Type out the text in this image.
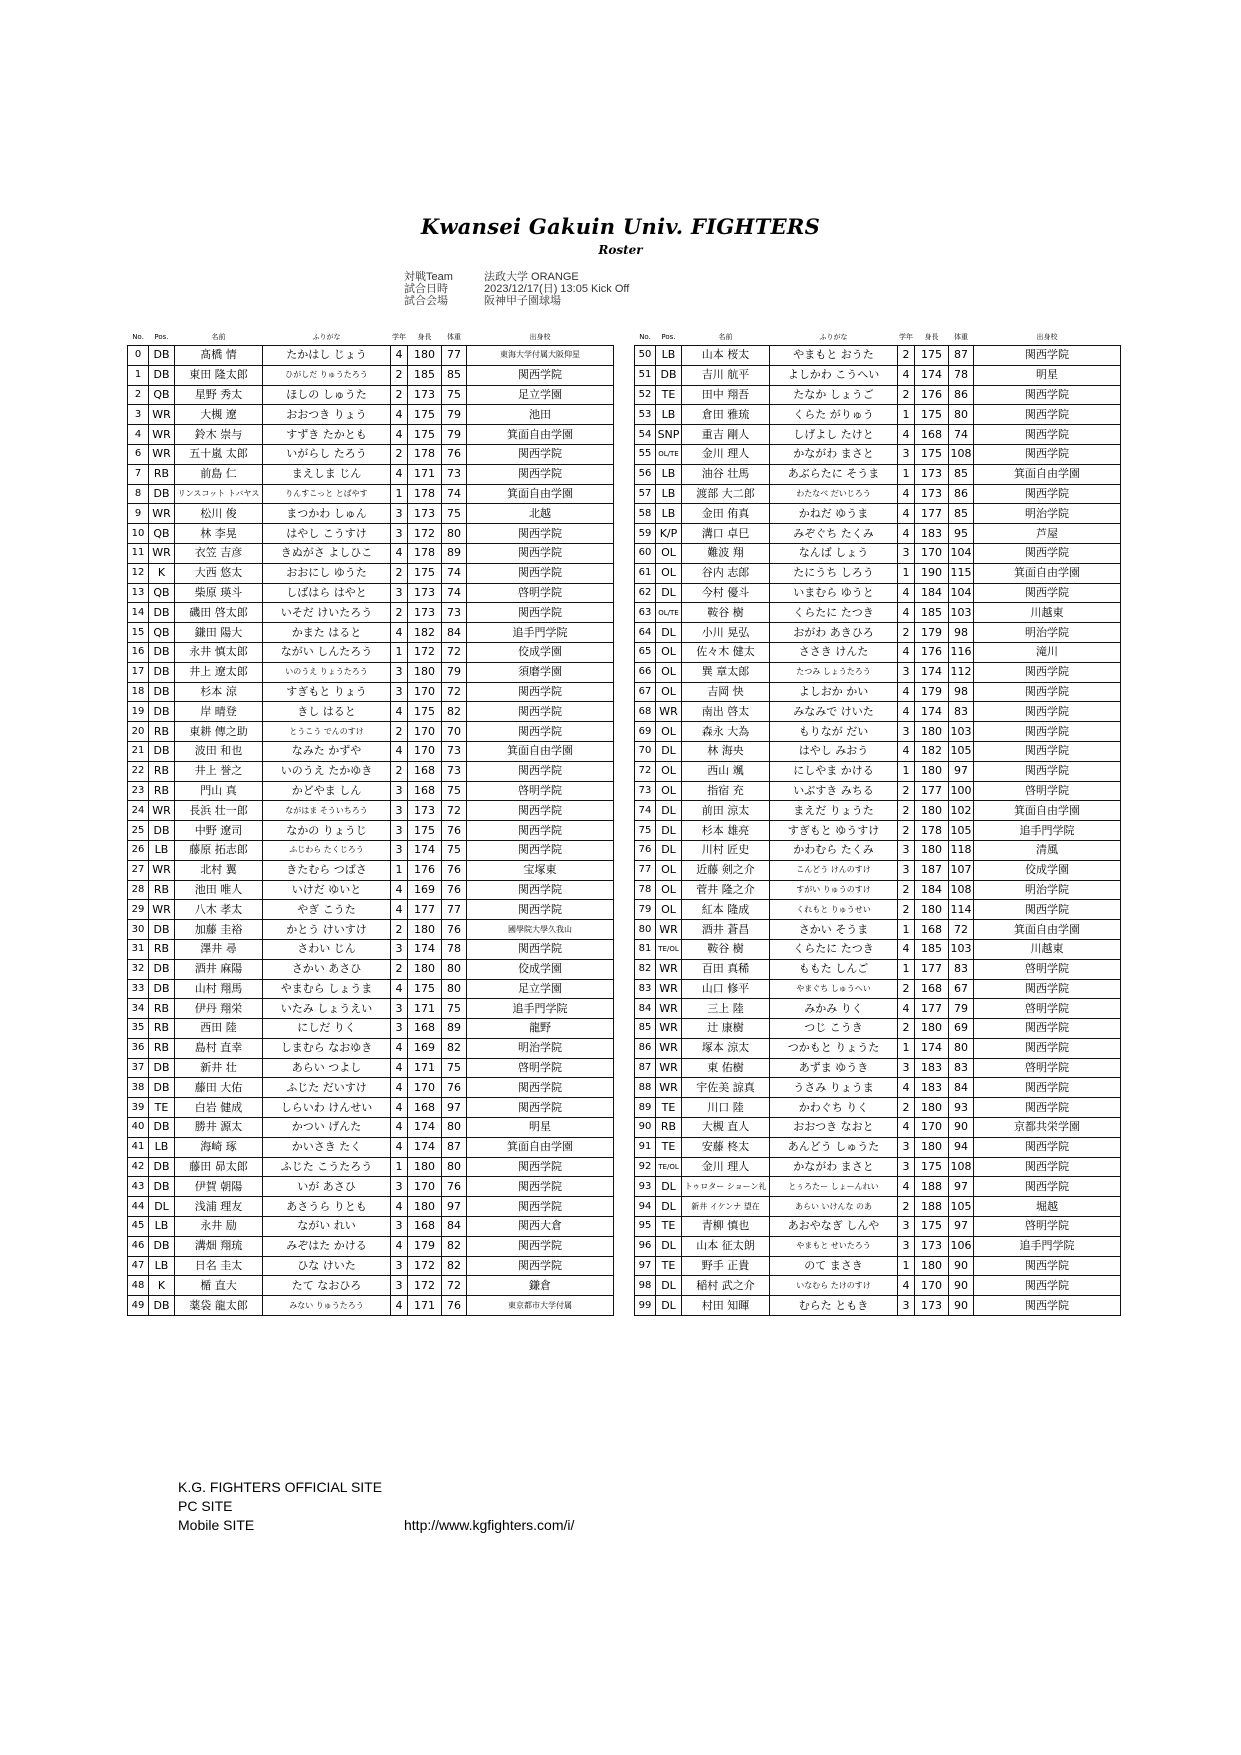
Kwansei Gakuin Univ. FIGHTERS
Roster
対戦Team	法政大学 ORANGE
試合日時	2023/12/17(日) 13:05 Kick Off
試合会場	阪神甲子園球場
No.	Pos.	名前	ふりがな	学年	身長	体重	出身校
0	DB	髙橋 情	たかはし じょう	4	180	77	東海大学付属大阪仰星
1	DB	東田 隆太郎	ひがしだ りゅうたろう	2	185	85	関西学院
2	QB	星野 秀太	ほしの しゅうた	2	173	75	足立学園
3	WR	大槻 遼	おおつき りょう	4	175	79	池田
4	WR	鈴木 崇与	すずき たかとも	4	175	79	箕面自由学園
6	WR	五十嵐 太郎	いがらし たろう	2	178	76	関西学院
7	RB	前島 仁	まえしま じん	4	171	73	関西学院
8	DB	リンスコット トバヤス	りんすこっと とばやす	1	178	74	箕面自由学園
9	WR	松川 俊	まつかわ しゅん	3	173	75	北越
10	QB	林 李晃	はやし こうすけ	3	172	80	関西学院
11	WR	衣笠 吉彦	きぬがさ よしひこ	4	178	89	関西学院
12	K	大西 悠太	おおにし ゆうた	2	175	74	関西学院
13	QB	柴原 瑛斗	しばはら はやと	3	173	74	啓明学院
14	DB	磯田 啓太郎	いそだ けいたろう	2	173	73	関西学院
15	QB	鎌田 陽大	かまた はると	4	182	84	追手門学院
16	DB	永井 慎太郎	ながい しんたろう	1	172	72	佼成学園
17	DB	井上 遼太郎	いのうえ りょうたろう	3	180	79	須磨学園
18	DB	杉本 涼	すぎもと りょう	3	170	72	関西学院
19	DB	岸 晴登	きし はると	4	175	82	関西学院
20	RB	東耕 傳之助	とうこう でんのすけ	2	170	70	関西学院
21	DB	波田 和也	なみた かずや	4	170	73	箕面自由学園
22	RB	井上 誉之	いのうえ たかゆき	2	168	73	関西学院
23	RB	門山 真	かどやま しん	3	168	75	啓明学院
24	WR	長浜 壮一郎	ながはま そういちろう	3	173	72	関西学院
25	DB	中野 遼司	なかの りょうじ	3	175	76	関西学院
26	LB	藤原 拓志郎	ふじわら たくじろう	3	174	75	関西学院
27	WR	北村 翼	きたむら つばさ	1	176	76	宝塚東
28	RB	池田 唯人	いけだ ゆいと	4	169	76	関西学院
29	WR	八木 孝太	やぎ こうた	4	177	77	関西学院
30	DB	加藤 圭裕	かとう けいすけ	2	180	76	國學院大學久我山
31	RB	澤井 尋	さわい じん	3	174	78	関西学院
32	DB	酒井 麻陽	さかい あさひ	2	180	80	佼成学園
33	DB	山村 翔馬	やまむら しょうま	4	175	80	足立学園
34	RB	伊丹 翔栄	いたみ しょうえい	3	171	75	追手門学院
35	RB	西田 陸	にしだ りく	3	168	89	龍野
36	RB	島村 直幸	しまむら なおゆき	4	169	82	明治学院
37	DB	新井 壮	あらい つよし	4	171	75	啓明学院
38	DB	藤田 大佑	ふじた だいすけ	4	170	76	関西学院
39	TE	白岩 健成	しらいわ けんせい	4	168	97	関西学院
40	DB	勝井 源太	かつい げんた	4	174	80	明星
41	LB	海崎 琢	かいさき たく	4	174	87	箕面自由学園
42	DB	藤田 昴太郎	ふじた こうたろう	1	180	80	関西学院
43	DB	伊賀 朝陽	いが あさひ	3	170	76	関西学院
44	DL	浅浦 理友	あさうら りとも	4	180	97	関西学院
45	LB	永井 励	ながい れい	3	168	84	関西大倉
46	DB	溝畑 翔琉	みぞはた かける	4	179	82	関西学院
47	LB	日名 圭太	ひな けいた	3	172	82	関西学院
48	K	楯 直大	たて なおひろ	3	172	72	鎌倉
49	DB	薬袋 龍太郎	みない りゅうたろう	4	171	76	東京都市大学付属
No.	Pos.	名前	ふりがな	学年	身長	体重	出身校
50	LB	山本 桜太	やまもと おうた	2	175	87	関西学院
51	DB	吉川 航平	よしかわ こうへい	4	174	78	明星
52	TE	田中 翔吾	たなか しょうご	2	176	86	関西学院
53	LB	倉田 雅琉	くらた がりゅう	1	175	80	関西学院
54	SNP	重吉 剛人	しげよし たけと	4	168	74	関西学院
55	OL/TE	金川 理人	かながわ まさと	3	175	108	関西学院
56	LB	油谷 壮馬	あぶらたに そうま	1	173	85	箕面自由学園
57	LB	渡部 大二郎	わたなべ だいじろう	4	173	86	関西学院
58	LB	金田 侑真	かねだ ゆうま	4	177	85	明治学院
59	K/P	溝口 卓巳	みぞぐち たくみ	4	183	95	芦屋
60	OL	難波 翔	なんば しょう	3	170	104	関西学院
61	OL	谷内 志郎	たにうち しろう	1	190	115	箕面自由学園
62	DL	今村 優斗	いまむら ゆうと	4	184	104	関西学院
63	OL/TE	鞍谷 樹	くらたに たつき	4	185	103	川越東
64	DL	小川 晃弘	おがわ あきひろ	2	179	98	明治学院
65	OL	佐々木 健太	ささき けんた	4	176	116	滝川
66	OL	巽 章太郎	たつみ しょうたろう	3	174	112	関西学院
67	OL	吉岡 快	よしおか かい	4	179	98	関西学院
68	WR	南出 啓太	みなみで けいた	4	174	83	関西学院
69	OL	森永 大為	もりなが だい	3	180	103	関西学院
70	DL	林 海央	はやし みおう	4	182	105	関西学院
72	OL	西山 颯	にしやま かける	1	180	97	関西学院
73	OL	指宿 充	いぶすき みちる	2	177	100	啓明学院
74	DL	前田 涼太	まえだ りょうた	2	180	102	箕面自由学園
75	DL	杉本 雄亮	すぎもと ゆうすけ	2	178	105	追手門学院
76	DL	川村 匠史	かわむら たくみ	3	180	118	清風
77	OL	近藤 剣之介	こんどう けんのすけ	3	187	107	佼成学園
78	OL	菅井 隆之介	すがい りゅうのすけ	2	184	108	明治学院
79	OL	紅本 隆成	くれもと りゅうせい	2	180	114	関西学院
80	WR	酒井 蒼昌	さかい そうま	1	168	72	箕面自由学園
81	TE/OL	鞍谷 樹	くらたに たつき	4	185	103	川越東
82	WR	百田 真稀	ももた しんご	1	177	83	啓明学院
83	WR	山口 修平	やまぐち しゅうへい	2	168	67	関西学院
84	WR	三上 陸	みかみ りく	4	177	79	啓明学院
85	WR	辻 康樹	つじ こうき	2	180	69	関西学院
86	WR	塚本 涼太	つかもと りょうた	1	174	80	関西学院
87	WR	東 佑樹	あずま ゆうき	3	183	83	啓明学院
88	WR	宇佐美 諒真	うさみ りょうま	4	183	84	関西学院
89	TE	川口 陸	かわぐち りく	2	180	93	関西学院
90	RB	大槻 直人	おおつき なおと	4	170	90	京都共栄学園
91	TE	安藤 柊太	あんどう しゅうた	3	180	94	関西学院
92	TE/OL	金川 理人	かながわ まさと	3	175	108	関西学院
93	DL	トゥロター ショーン礼	とぅろたー しょーんれい	4	188	97	関西学院
94	DL	新井 イケンナ 望在	あらい いけんな のあ	2	188	105	堀越
95	TE	青柳 慎也	あおやなぎ しんや	3	175	97	啓明学院
96	DL	山本 征太朗	やまもと せいたろう	3	173	106	追手門学院
97	TE	野手 正貴	のて まさき	1	180	90	関西学院
98	DL	稲村 武之介	いなむら たけのすけ	4	170	90	関西学院
99	DL	村田 知暉	むらた ともき	3	173	90	関西学院
K.G. FIGHTERS OFFICIAL SITE
PC SITE
Mobile SITE	http://www.kgfighters.com/i/
